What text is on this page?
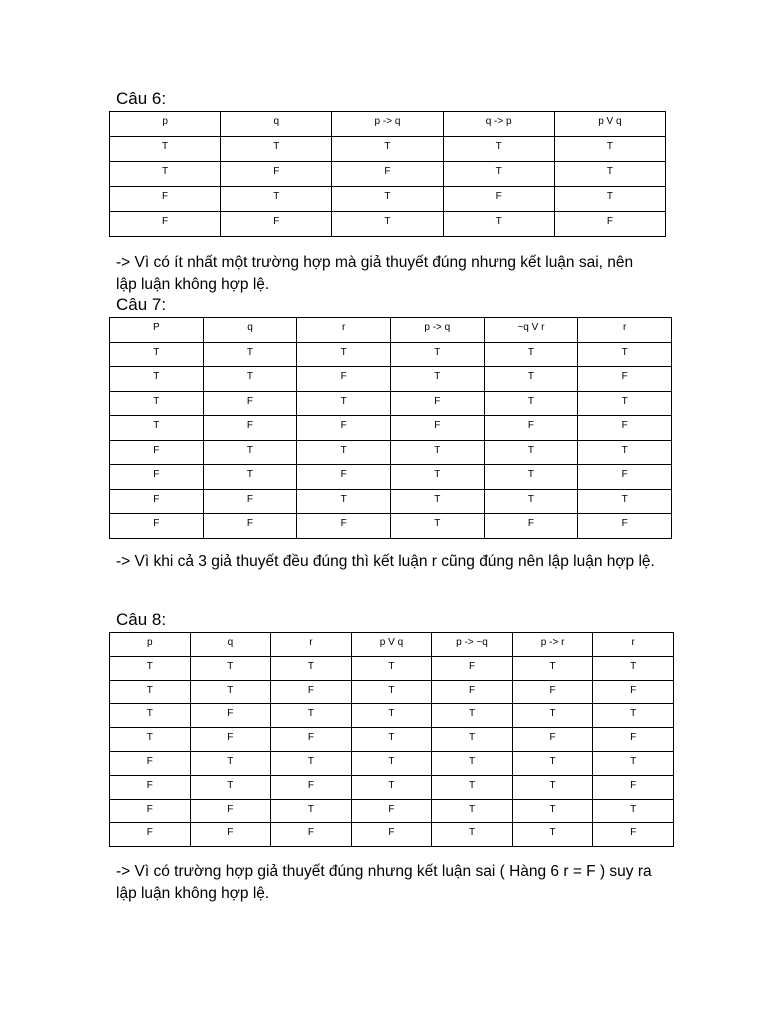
Câu 6:
p	q	p -> q	q -> p	p V q
T	T	T	T	T
T	F	F	T	T
F	T	T	F	T
F	F	T	T	F

-> Vì có ít nhất một trường hợp mà giả thuyết đúng nhưng kết luận sai, nên lập luận không hợp lệ.

Câu 7:
P	q	r	p -> q	~q V r	r
T	T	T	T	T	T
T	T	F	T	T	F
T	F	T	F	T	T
T	F	F	F	F	F
F	T	T	T	T	T
F	T	F	T	T	F
F	F	T	T	T	T
F	F	F	T	F	F

-> Vì khi cả 3 giả thuyết đều đúng thì kết luận r cũng đúng nên lập luận hợp lệ.

Câu 8:
p	q	r	p V q	p -> ~q	p -> r	r
T	T	T	T	F	T	T
T	T	F	T	F	F	F
T	F	T	T	T	T	T
T	F	F	T	T	F	F
F	T	T	T	T	T	T
F	T	F	T	T	T	F
F	F	T	F	T	T	T
F	F	F	F	T	T	F

-> Vì có trường hợp giả thuyết đúng nhưng kết luận sai ( Hàng 6 r = F ) suy ra lập luận không hợp lệ.
